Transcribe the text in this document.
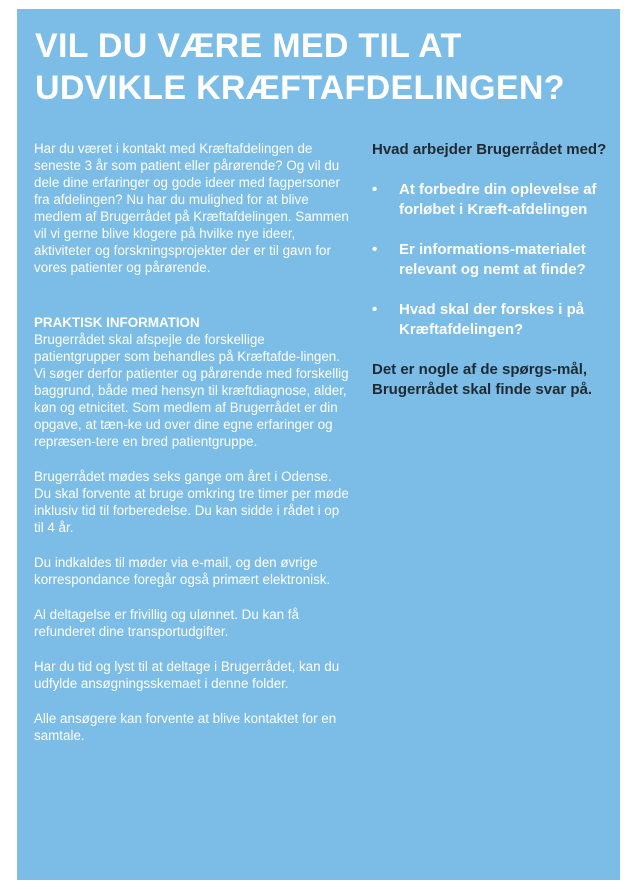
VIL DU VÆRE MED TIL AT UDVIKLE KRÆFTAFDELINGEN?

Har du været i kontakt med Kræftafdelingen de seneste 3 år som patient eller pårørende? Og vil du dele dine erfaringer og gode ideer med fagpersoner fra afdelingen? Nu har du mulighed for at blive medlem af Brugerrådet på Kræftafdelingen. Sammen vil vi gerne blive klogere på hvilke nye ideer, aktiviteter og forskningsprojekter der er til gavn for vores patienter og pårørende.

PRAKTISK INFORMATION
Brugerrådet skal afspejle de forskellige patientgrupper som behandles på Kræftafde-lingen. Vi søger derfor patienter og pårørende med forskellig baggrund, både med hensyn til kræftdiagnose, alder, køn og etnicitet. Som medlem af Brugerrådet er din opgave, at tæn-ke ud over dine egne erfaringer og repræsen-tere en bred patientgruppe.

Brugerrådet mødes seks gange om året i Odense. Du skal forvente at bruge omkring tre timer per møde inklusiv tid til forberedelse. Du kan sidde i rådet i op til 4 år.

Du indkaldes til møder via e-mail, og den øvrige korrespondance foregår også primært elektronisk.

Al deltagelse er frivillig og ulønnet. Du kan få refunderet dine transportudgifter.

Har du tid og lyst til at deltage i Brugerrådet, kan du udfylde ansøgningsskemaet i denne folder.

Alle ansøgere kan forvente at blive kontaktet for en samtale.

Hvad arbejder Brugerrådet med?

• At forbedre din oplevelse af forløbet i Kræft-afdelingen
• Er informations-materialet relevant og nemt at finde?
• Hvad skal der forskes i på Kræftafdelingen?

Det er nogle af de spørgs-mål, Brugerrådet skal finde svar på.
